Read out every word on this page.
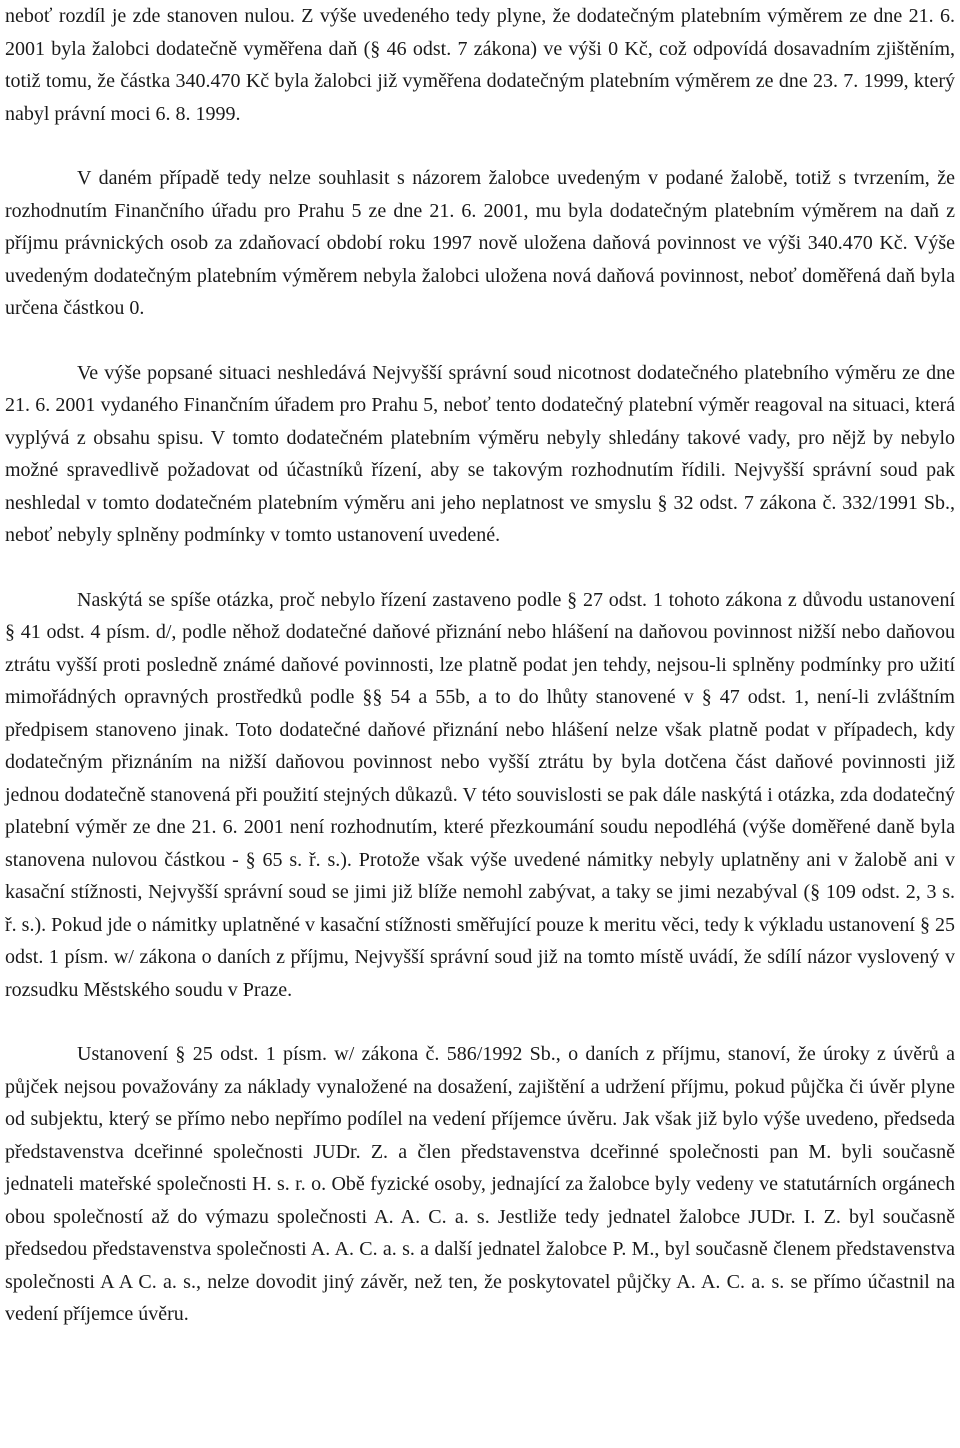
neboť rozdíl je zde stanoven nulou. Z výše uvedeného tedy plyne, že dodatečným platebním výměrem ze dne 21. 6. 2001 byla žalobci dodatečně vyměřena daň (§ 46 odst. 7 zákona) ve výši 0 Kč, což odpovídá dosavadním zjištěním, totiž tomu, že částka 340.470 Kč byla žalobci již vyměřena dodatečným platebním výměrem ze dne 23. 7. 1999, který nabyl právní moci 6. 8. 1999.

V daném případě tedy nelze souhlasit s názorem žalobce uvedeným v podané žalobě, totiž s tvrzením, že rozhodnutím Finančního úřadu pro Prahu 5 ze dne 21. 6. 2001, mu byla dodatečným platebním výměrem na daň z příjmu právnických osob za zdaňovací období roku 1997 nově uložena daňová povinnost ve výši 340.470 Kč. Výše uvedeným dodatečným platebním výměrem nebyla žalobci uložena nová daňová povinnost, neboť doměřená daň byla určena částkou 0.

Ve výše popsané situaci neshledává Nejvyšší správní soud nicotnost dodatečného platebního výměru ze dne 21. 6. 2001 vydaného Finančním úřadem pro Prahu 5, neboť tento dodatečný platební výměr reagoval na situaci, která vyplývá z obsahu spisu. V tomto dodatečném platebním výměru nebyly shledány takové vady, pro nějž by nebylo možné spravedlivě požadovat od účastníků řízení, aby se takovým rozhodnutím řídili. Nejvyšší správní soud pak neshledal v tomto dodatečném platebním výměru ani jeho neplatnost ve smyslu § 32 odst. 7 zákona č. 332/1991 Sb., neboť nebyly splněny podmínky v tomto ustanovení uvedené.

Naskýtá se spíše otázka, proč nebylo řízení zastaveno podle § 27 odst. 1 tohoto zákona z důvodu ustanovení § 41 odst. 4 písm. d/, podle něhož dodatečné daňové přiznání nebo hlášení na daňovou povinnost nižší nebo daňovou ztrátu vyšší proti posledně známé daňové povinnosti, lze platně podat jen tehdy, nejsou-li splněny podmínky pro užití mimořádných opravných prostředků podle §§ 54 a 55b, a to do lhůty stanovené v § 47 odst. 1, není-li zvláštním předpisem stanoveno jinak. Toto dodatečné daňové přiznání nebo hlášení nelze však platně podat v případech, kdy dodatečným přiznáním na nižší daňovou povinnost nebo vyšší ztrátu by byla dotčena část daňové povinnosti již jednou dodatečně stanovená při použití stejných důkazů. V této souvislosti se pak dále naskýtá i otázka, zda dodatečný platební výměr ze dne 21. 6. 2001 není rozhodnutím, které přezkoumání soudu nepodléhá (výše doměřené daně byla stanovena nulovou částkou - § 65 s. ř. s.). Protože však výše uvedené námitky nebyly uplatněny ani v žalobě ani v kasační stížnosti, Nejvyšší správní soud se jimi již blíže nemohl zabývat, a taky se jimi nezabýval (§ 109 odst. 2, 3 s. ř. s.). Pokud jde o námitky uplatněné v kasační stížnosti směřující pouze k meritu věci, tedy k výkladu ustanovení § 25 odst. 1 písm. w/ zákona o daních z příjmu, Nejvyšší správní soud již na tomto místě uvádí, že sdílí názor vyslovený v rozsudku Městského soudu v Praze.

Ustanovení § 25 odst. 1 písm. w/ zákona č. 586/1992 Sb., o daních z příjmu, stanoví, že úroky z úvěrů a půjček nejsou považovány za náklady vynaložené na dosažení, zajištění a udržení příjmu, pokud půjčka či úvěr plyne od subjektu, který se přímo nebo nepřímo podílel na vedení příjemce úvěru. Jak však již bylo výše uvedeno, předseda představenstva dceřinné společnosti JUDr. Z. a člen představenstva dceřinné společnosti pan M. byli současně jednateli mateřské společnosti H. s. r. o. Obě fyzické osoby, jednající za žalobce byly vedeny ve statutárních orgánech obou společností až do výmazu společnosti A. A. C. a. s. Jestliže tedy jednatel žalobce JUDr. I. Z. byl současně předsedou představenstva společnosti A. A. C. a. s. a další jednatel žalobce P. M., byl současně členem představenstva společnosti A A C. a. s., nelze dovodit jiný závěr, než ten, že poskytovatel půjčky A. A. C. a. s. se přímo účastnil na vedení příjemce úvěru.
